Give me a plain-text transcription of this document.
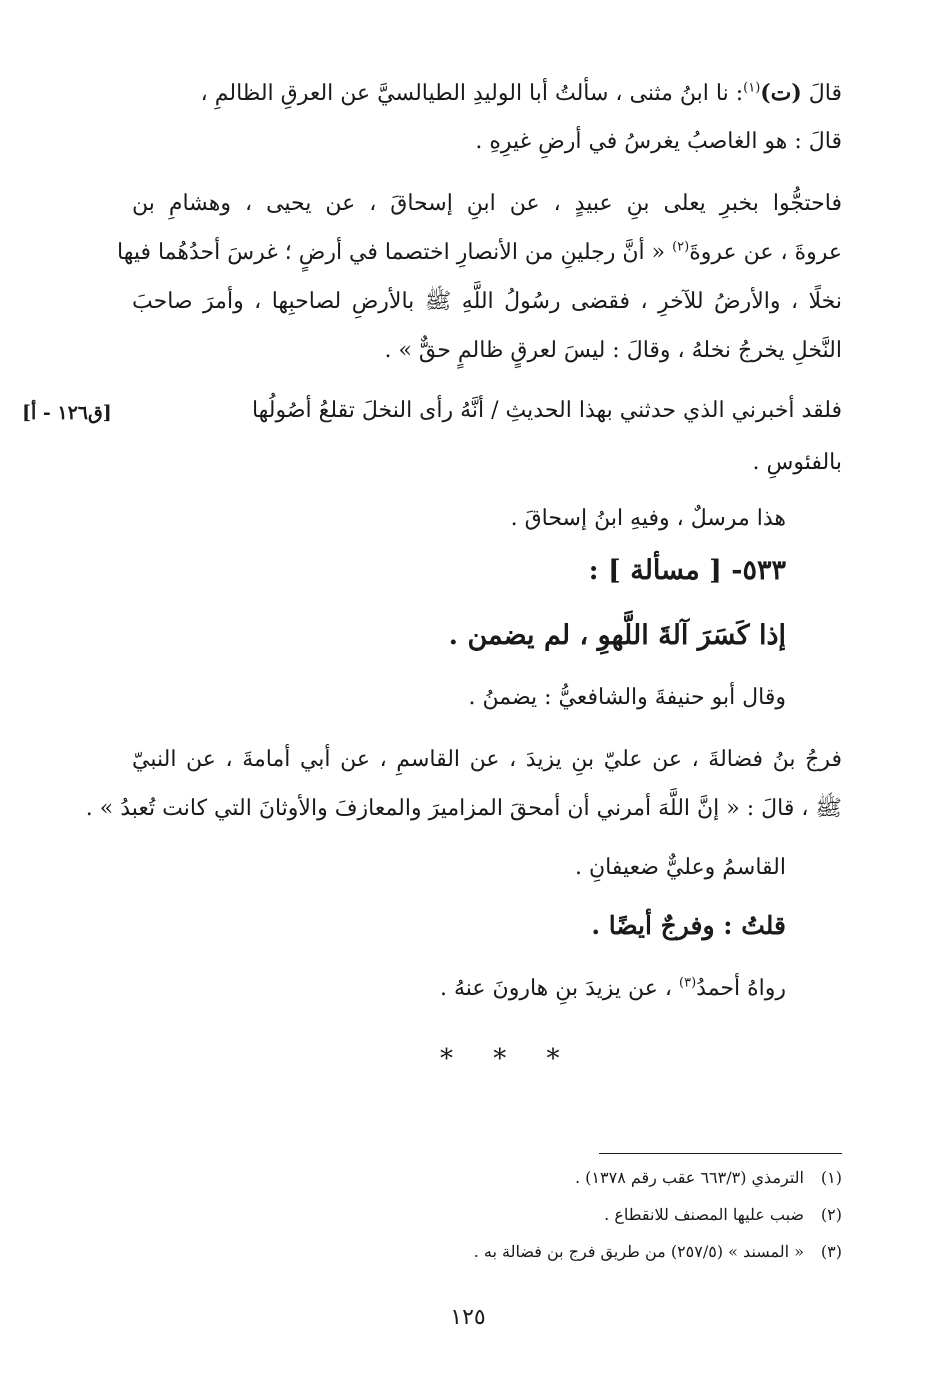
قالَ (ت)$^{(١)}$: نا ابنُ مثنى ، سألتُ أبا الوليدِ الطيالسيَّ عن العرقِ الظالمِ ،
قالَ : هو الغاصبُ يغرسُ في أرضِ غيرِهِ .
فاحتجُّوا بخبرِ يعلى بنِ عبيدٍ ، عن ابنِ إسحاقَ ، عن يحيى ، وهشامِ بن
عروةَ ، عن عروةَ$^{(٢)}$ « أنَّ رجلينِ من الأنصارِ اختصما في أرضٍ ؛ غرسَ أحدُهُما فيها
نخلًا ، والأرضُ للآخرِ ، فقضى رسُولُ اللَّهِ ﷺ بالأرضِ لصاحبِها ، وأمرَ صاحبَ
النَّخلِ يخرجُ نخلهُ ، وقالَ : ليسَ لعرقٍ ظالمٍ حقٌّ » .
فلقد أخبرني الذي حدثني بهذا الحديثِ / أنَّهُ رأى النخلَ تقلعُ أصُولُها
[ق١٢٦ - أ]
بالفئوسِ .
هذا مرسلٌ ، وفيهِ ابنُ إسحاقَ .
٥٣٣- [ مسألة ] :
إذا كَسَرَ آلةَ اللَّهوِ ، لم يضمن .
وقال أبو حنيفةَ والشافعيُّ : يضمنُ .
فرجُ بنُ فضالةَ ، عن عليّ بنِ يزيدَ ، عن القاسمِ ، عن أبي أمامةَ ، عن النبيّ
ﷺ ، قالَ : « إنَّ اللَّهَ أمرني أن أمحقَ المزاميرَ والمعازفَ والأوثانَ التي كانت تُعبدُ » .
القاسمُ وعليٌّ ضعيفانِ .
قلتُ : وفرجٌ أيضًا .
رواهُ أحمدُ$^{(٣)}$ ، عن يزيدَ بنِ هارونَ عنهُ .
* * *
(١)الترمذي (٦٦٣/٣ عقب رقم ١٣٧٨) .
(٢)ضبب عليها المصنف للانقطاع .
(٣)« المسند » (٢٥٧/٥) من طريق فرج بن فضالة به .
١٢٥
